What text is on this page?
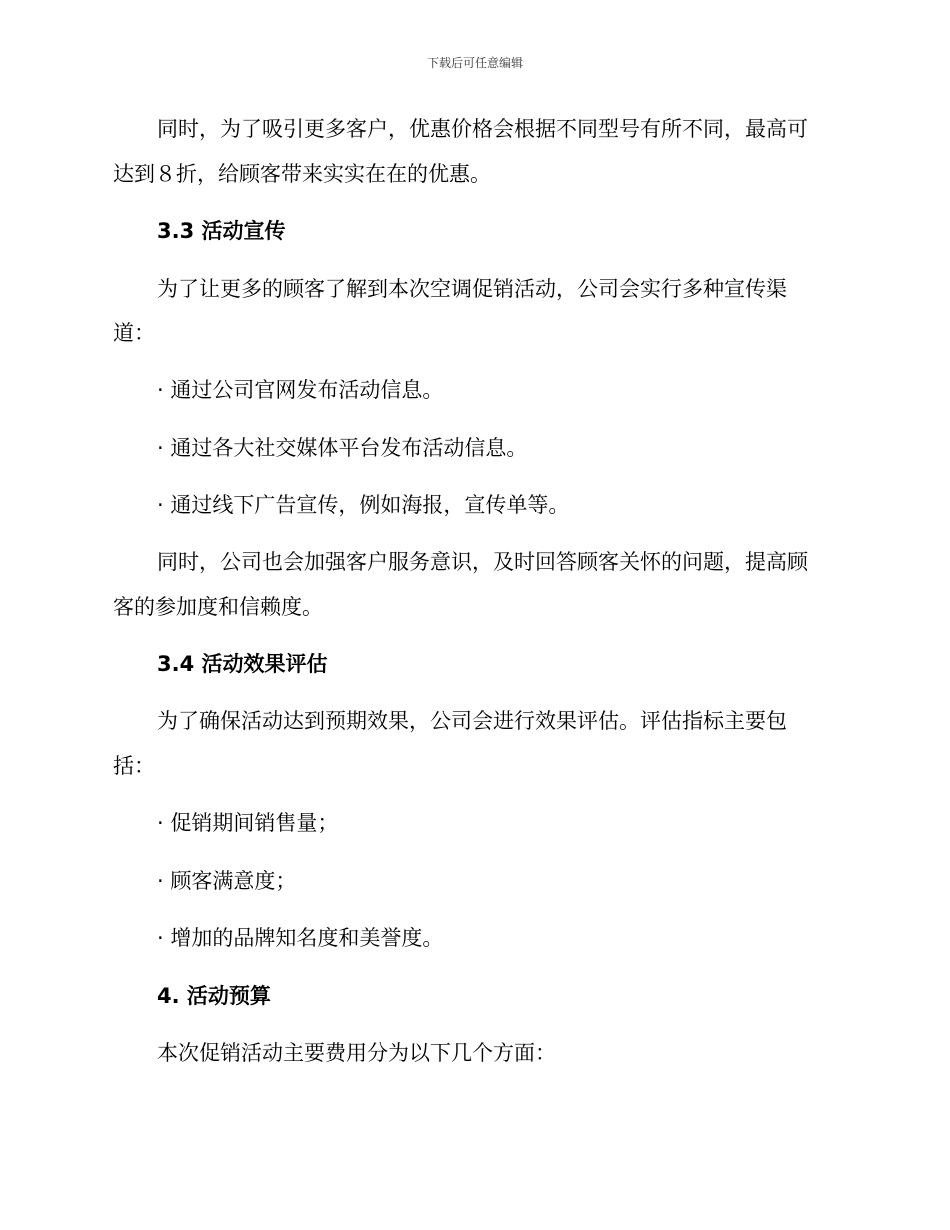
下载后可任意编辑
同时，为了吸引更多客户，优惠价格会根据不同型号有所不同，最高可
达到８折，给顾客带来实实在在的优惠。
3.3 活动宣传
为了让更多的顾客了解到本次空调促销活动，公司会实行多种宣传渠
道：
· 通过公司官网发布活动信息。
· 通过各大社交媒体平台发布活动信息。
· 通过线下广告宣传，例如海报，宣传单等。
同时，公司也会加强客户服务意识，及时回答顾客关怀的问题，提高顾
客的参加度和信赖度。
3.4 活动效果评估
为了确保活动达到预期效果，公司会进行效果评估。评估指标主要包
括：
· 促销期间销售量；
· 顾客满意度；
· 增加的品牌知名度和美誉度。
4. 活动预算
本次促销活动主要费用分为以下几个方面：
